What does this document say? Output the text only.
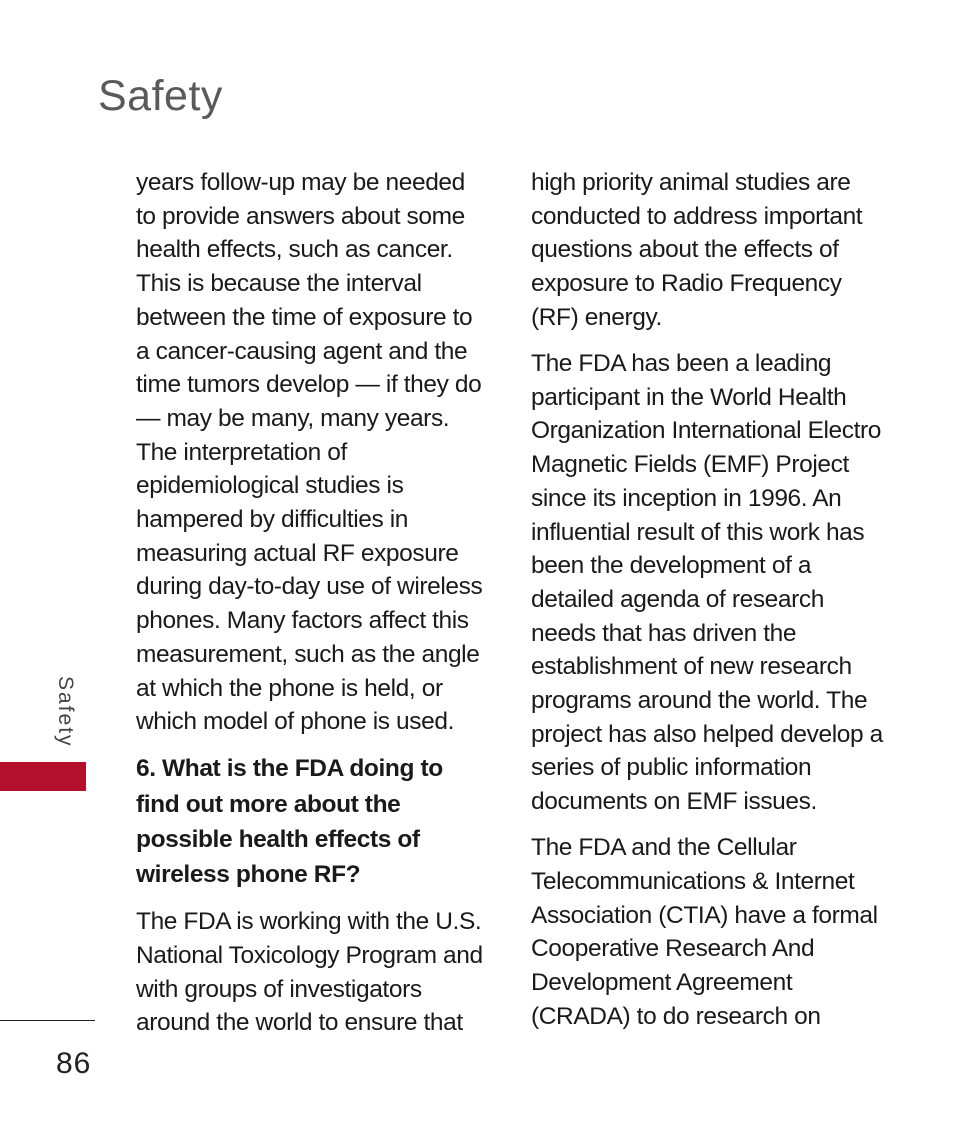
Safety

years follow-up may be needed to provide answers about some health effects, such as cancer. This is because the interval between the time of exposure to a cancer-causing agent and the time tumors develop — if they do — may be many, many years. The interpretation of epidemiological studies is hampered by difficulties in measuring actual RF exposure during day-to-day use of wireless phones. Many factors affect this measurement, such as the angle at which the phone is held, or which model of phone is used.

6. What is the FDA doing to find out more about the possible health effects of wireless phone RF?

The FDA is working with the U.S. National Toxicology Program and with groups of investigators around the world to ensure that

high priority animal studies are conducted to address important questions about the effects of exposure to Radio Frequency (RF) energy.

The FDA has been a leading participant in the World Health Organization International Electro Magnetic Fields (EMF) Project since its inception in 1996. An influential result of this work has been the development of a detailed agenda of research needs that has driven the establishment of new research programs around the world. The project has also helped develop a series of public information documents on EMF issues.

The FDA and the Cellular Telecommunications & Internet Association (CTIA) have a formal Cooperative Research And Development Agreement (CRADA) to do research on

Safety
86
